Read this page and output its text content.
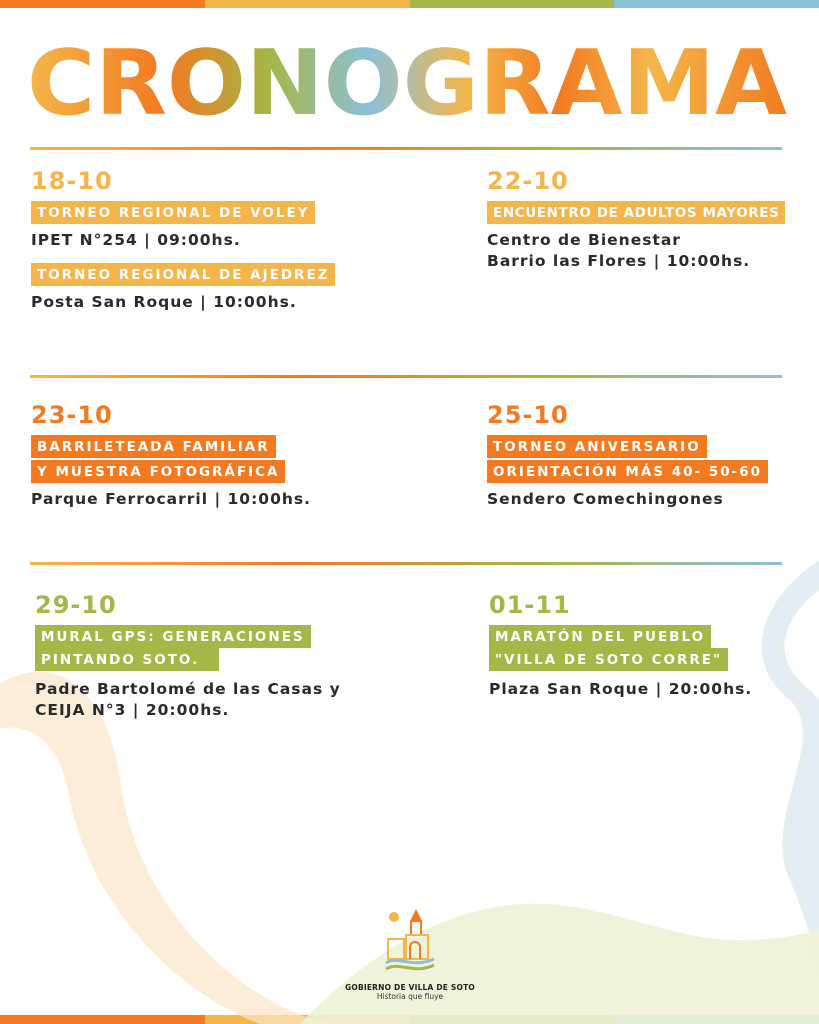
CRONOGRAMA
18-10
TORNEO REGIONAL DE VOLEY
IPET N°254 | 09:00hs.
TORNEO REGIONAL DE AJEDREZ
Posta San Roque | 10:00hs.
22-10
ENCUENTRO DE ADULTOS MAYORES
Centro de Bienestar
Barrio las Flores | 10:00hs.
23-10
BARRILETEADA FAMILIAR
Y MUESTRA FOTOGRÁFICA
Parque Ferrocarril | 10:00hs.
25-10
TORNEO ANIVERSARIO
ORIENTACIÓN MÁS 40- 50-60
Sendero Comechingones
29-10
MURAL GPS: GENERACIONES
PINTANDO SOTO.
Padre Bartolomé de las Casas y
CEIJA N°3 | 20:00hs.
01-11
MARATÓN DEL PUEBLO
"VILLA DE SOTO CORRE"
Plaza San Roque | 20:00hs.
GOBIERNO DE VILLA DE SOTO
Historia que fluye
